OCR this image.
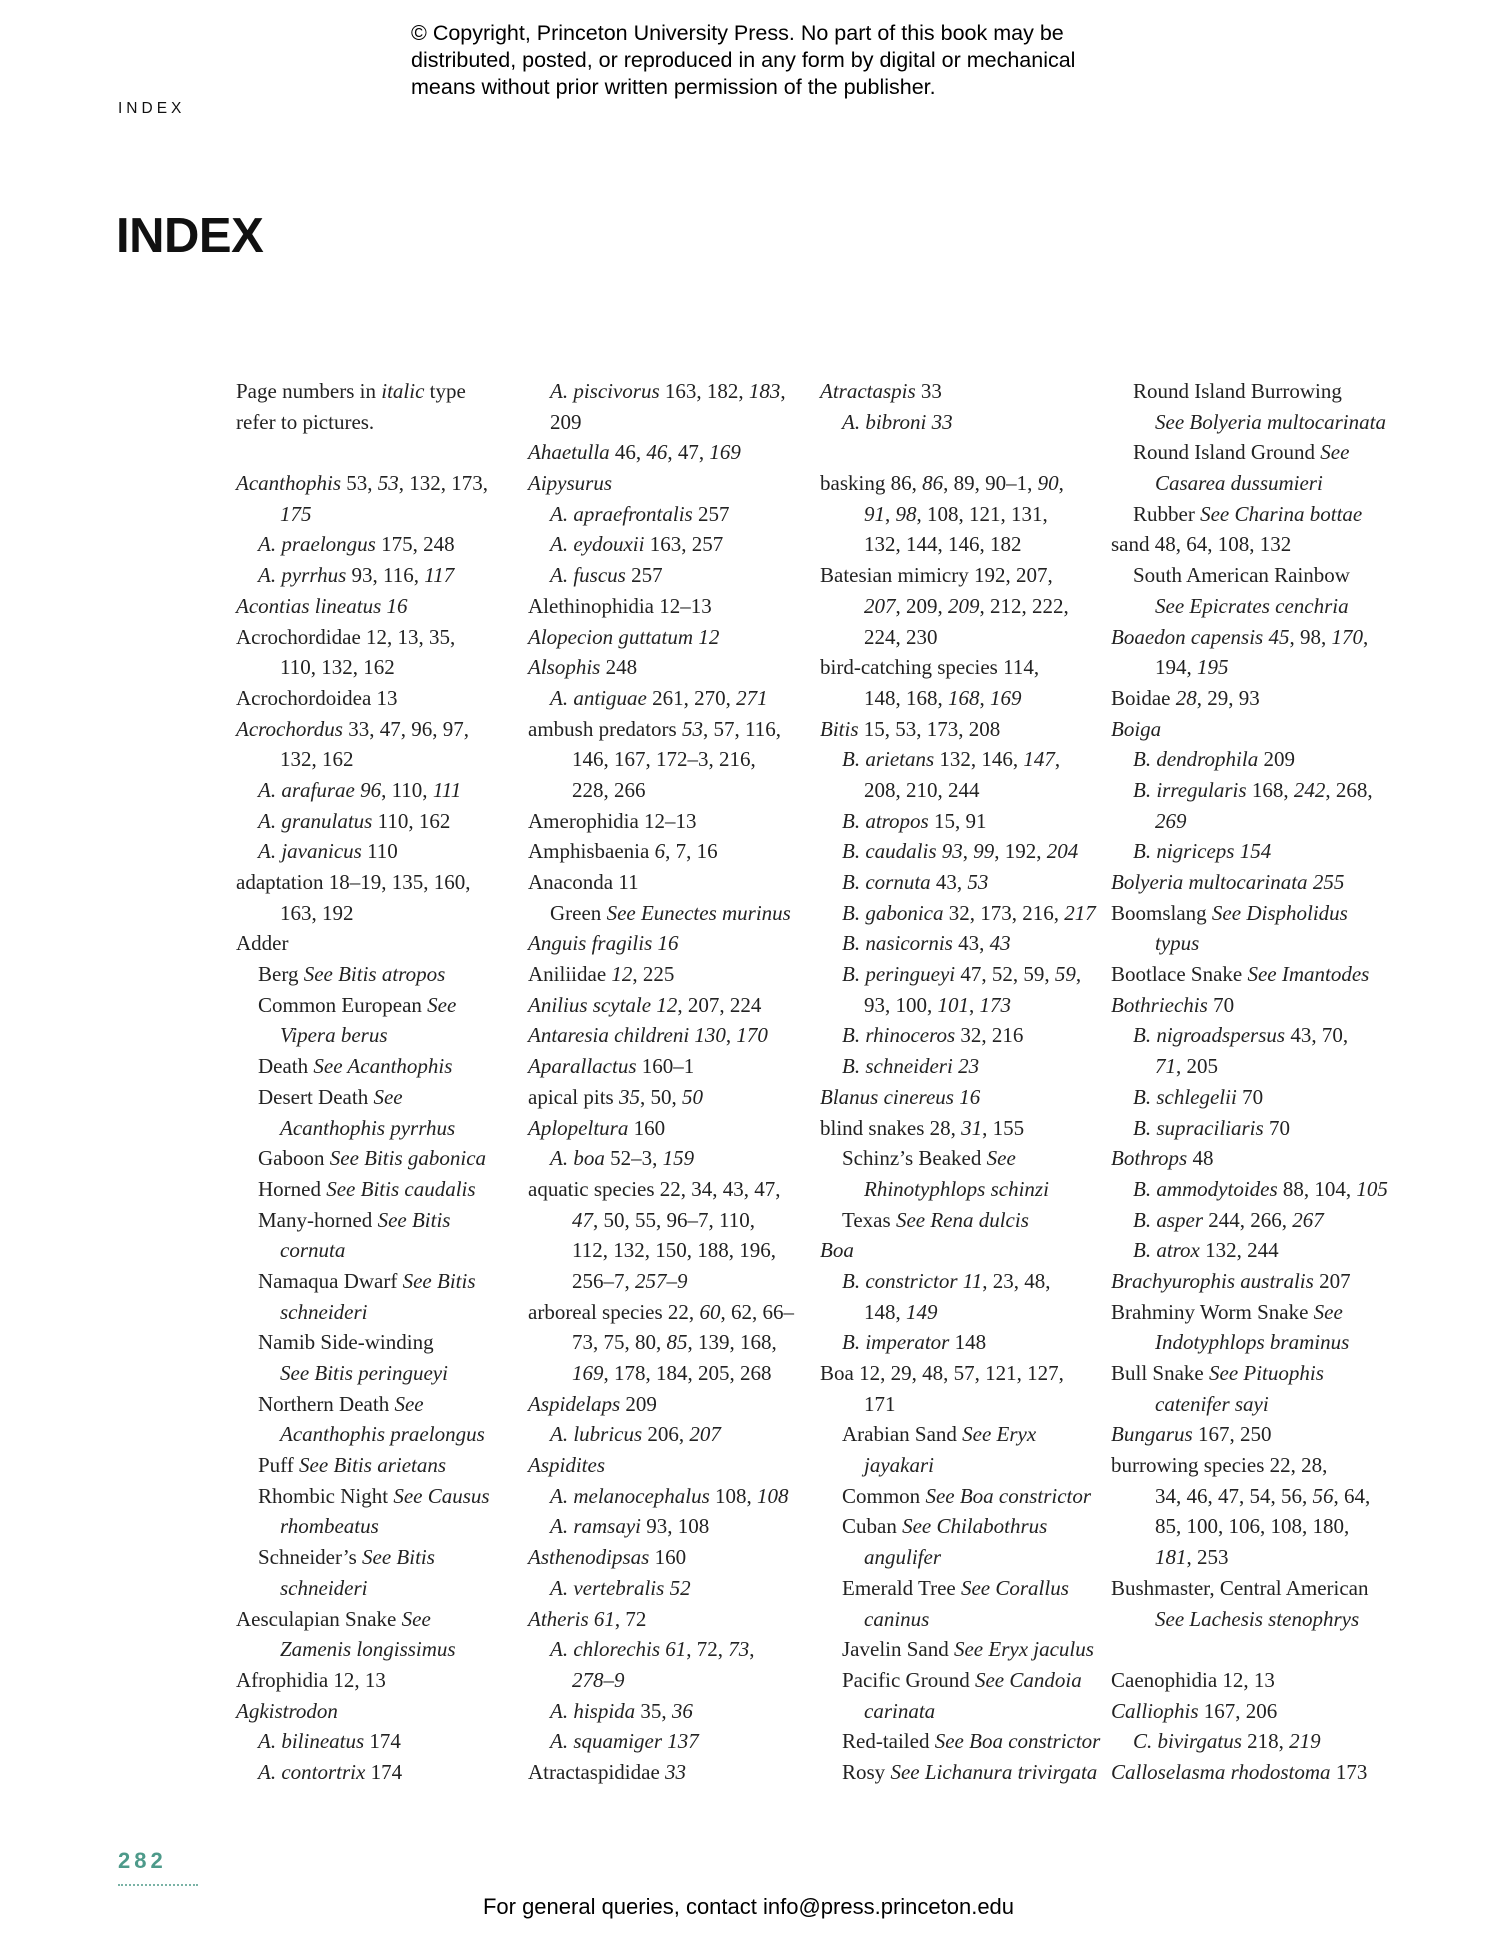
© Copyright, Princeton University Press. No part of this book may be
distributed, posted, or reproduced in any form by digital or mechanical
means without prior written permission of the publisher.
INDEX
INDEX
Page numbers in italic type
refer to pictures.
Acanthophis 53, 53, 132, 173,
175
A. praelongus 175, 248
A. pyrrhus 93, 116, 117
Acontias lineatus 16
Acrochordidae 12, 13, 35,
110, 132, 162
Acrochordoidea 13
Acrochordus 33, 47, 96, 97,
132, 162
A. arafurae 96, 110, 111
A. granulatus 110, 162
A. javanicus 110
adaptation 18–19, 135, 160,
163, 192
Adder
Berg See Bitis atropos
Common European See
Vipera berus
Death See Acanthophis
Desert Death See
Acanthophis pyrrhus
Gaboon See Bitis gabonica
Horned See Bitis caudalis
Many-horned See Bitis
cornuta
Namaqua Dwarf See Bitis
schneideri
Namib Side-winding
See Bitis peringueyi
Northern Death See
Acanthophis praelongus
Puff See Bitis arietans
Rhombic Night See Causus
rhombeatus
Schneider’s See Bitis
schneideri
Aesculapian Snake See
Zamenis longissimus
Afrophidia 12, 13
Agkistrodon
A. bilineatus 174
A. contortrix 174
A. piscivorus 163, 182, 183,
209
Ahaetulla 46, 46, 47, 169
Aipysurus
A. apraefrontalis 257
A. eydouxii 163, 257
A. fuscus 257
Alethinophidia 12–13
Alopecion guttatum 12
Alsophis 248
A. antiguae 261, 270, 271
ambush predators 53, 57, 116,
146, 167, 172–3, 216,
228, 266
Amerophidia 12–13
Amphisbaenia 6, 7, 16
Anaconda 11
Green See Eunectes murinus
Anguis fragilis 16
Aniliidae 12, 225
Anilius scytale 12, 207, 224
Antaresia childreni 130, 170
Aparallactus 160–1
apical pits 35, 50, 50
Aplopeltura 160
A. boa 52–3, 159
aquatic species 22, 34, 43, 47,
47, 50, 55, 96–7, 110,
112, 132, 150, 188, 196,
256–7, 257–9
arboreal species 22, 60, 62, 66–
73, 75, 80, 85, 139, 168,
169, 178, 184, 205, 268
Aspidelaps 209
A. lubricus 206, 207
Aspidites
A. melanocephalus 108, 108
A. ramsayi 93, 108
Asthenodipsas 160
A. vertebralis 52
Atheris 61, 72
A. chlorechis 61, 72, 73,
278–9
A. hispida 35, 36
A. squamiger 137
Atractaspididae 33
Atractaspis 33
A. bibroni 33
basking 86, 86, 89, 90–1, 90,
91, 98, 108, 121, 131,
132, 144, 146, 182
Batesian mimicry 192, 207,
207, 209, 209, 212, 222,
224, 230
bird-catching species 114,
148, 168, 168, 169
Bitis 15, 53, 173, 208
B. arietans 132, 146, 147,
208, 210, 244
B. atropos 15, 91
B. caudalis 93, 99, 192, 204
B. cornuta 43, 53
B. gabonica 32, 173, 216, 217
B. nasicornis 43, 43
B. peringueyi 47, 52, 59, 59,
93, 100, 101, 173
B. rhinoceros 32, 216
B. schneideri 23
Blanus cinereus 16
blind snakes 28, 31, 155
Schinz’s Beaked See
Rhinotyphlops schinzi
Texas See Rena dulcis
Boa
B. constrictor 11, 23, 48,
148, 149
B. imperator 148
Boa 12, 29, 48, 57, 121, 127,
171
Arabian Sand See Eryx
jayakari
Common See Boa constrictor
Cuban See Chilabothrus
angulifer
Emerald Tree See Corallus
caninus
Javelin Sand See Eryx jaculus
Pacific Ground See Candoia
carinata
Red-tailed See Boa constrictor
Rosy See Lichanura trivirgata
Round Island Burrowing
See Bolyeria multocarinata
Round Island Ground See
Casarea dussumieri
Rubber See Charina bottae
sand 48, 64, 108, 132
South American Rainbow
See Epicrates cenchria
Boaedon capensis 45, 98, 170,
194, 195
Boidae 28, 29, 93
Boiga
B. dendrophila 209
B. irregularis 168, 242, 268,
269
B. nigriceps 154
Bolyeria multocarinata 255
Boomslang See Dispholidus
typus
Bootlace Snake See Imantodes
Bothriechis 70
B. nigroadspersus 43, 70,
71, 205
B. schlegelii 70
B. supraciliaris 70
Bothrops 48
B. ammodytoides 88, 104, 105
B. asper 244, 266, 267
B. atrox 132, 244
Brachyurophis australis 207
Brahminy Worm Snake See
Indotyphlops braminus
Bull Snake See Pituophis
catenifer sayi
Bungarus 167, 250
burrowing species 22, 28,
34, 46, 47, 54, 56, 56, 64,
85, 100, 106, 108, 180,
181, 253
Bushmaster, Central American
See Lachesis stenophrys
Caenophidia 12, 13
Calliophis 167, 206
C. bivirgatus 218, 219
Calloselasma rhodostoma 173
282
For general queries, contact info@press.princeton.edu
